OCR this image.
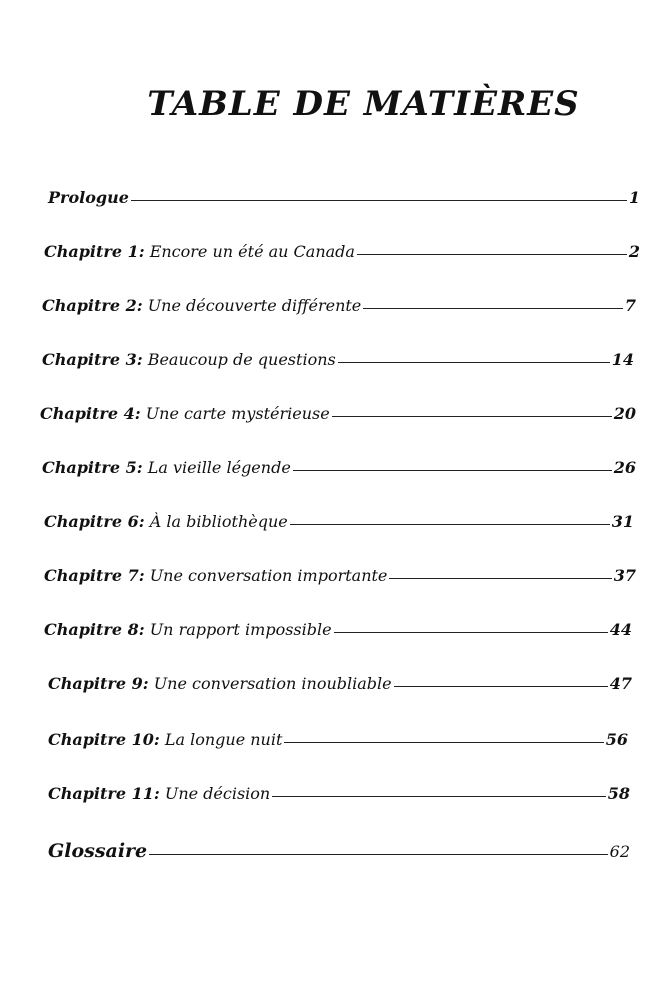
TABLE DE MATIÈRES
Prologue	1
Chapitre 1: Encore un été au Canada	2
Chapitre 2: Une découverte différente	7
Chapitre 3: Beaucoup de questions	14
Chapitre 4: Une carte mystérieuse	20
Chapitre 5: La vieille légende	26
Chapitre 6: À la bibliothèque	31
Chapitre 7: Une conversation importante	37
Chapitre 8: Un rapport impossible	44
Chapitre 9: Une conversation inoubliable	47
Chapitre 10: La longue nuit	56
Chapitre 11: Une décision	58
Glossaire	62
